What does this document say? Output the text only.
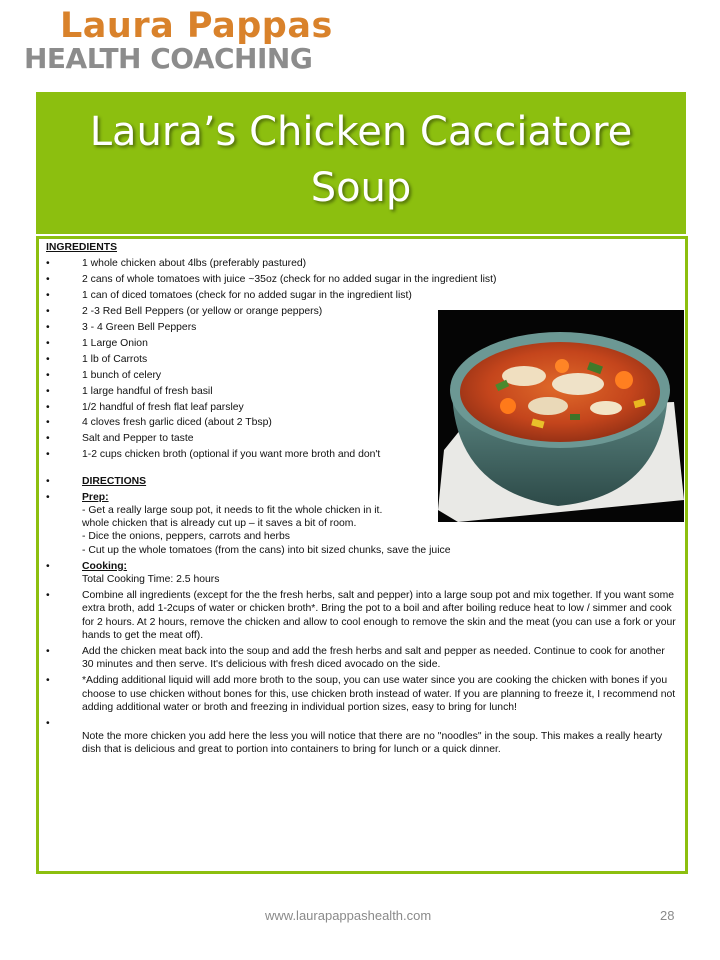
Laura Pappas
HEALTH COACHING
Laura’s Chicken Cacciatore
Soup
INGREDIENTS
• 1 whole chicken about 4lbs (preferably pastured)
• 2 cans of whole tomatoes with juice ~35oz (check for no added sugar in the ingredient list)
• 1 can of diced tomatoes (check for no added sugar in the ingredient list)
• 2 -3 Red Bell Peppers (or yellow or orange peppers)
• 3 - 4 Green Bell Peppers
• 1 Large Onion
• 1 lb of Carrots
• 1 bunch of celery
• 1 large handful of fresh basil
• 1/2 handful of fresh flat leaf parsley
• 4 cloves fresh garlic diced (about 2 Tbsp)
• Salt and Pepper to taste
• 1-2 cups chicken broth (optional if you want more broth and don't
• DIRECTIONS
• Prep:
- Get a really large soup pot, it needs to fit the whole chicken in it.
whole chicken that is already cut up – it saves a bit of room.
- Dice the onions, peppers, carrots and herbs
- Cut up the whole tomatoes (from the cans) into bit sized chunks, save the juice
• Cooking:
Total Cooking Time: 2.5 hours
• Combine all ingredients (except for the the fresh herbs, salt and pepper) into a large soup pot and mix together. If you want some extra broth, add 1-2cups of water or chicken broth*. Bring the pot to a boil and after boiling reduce heat to low / simmer and cook for 2 hours. At 2 hours, remove the chicken and allow to cool enough to remove the skin and the meat (you can use a fork or your hands to get the meat off).
• Add the chicken meat back into the soup and add the fresh herbs and salt and pepper as needed. Continue to cook for another 30 minutes and then serve. It's delicious with fresh diced avocado on the side.
• *Adding additional liquid will add more broth to the soup, you can use water since you are cooking the chicken with bones if you choose to use chicken without bones for this, use chicken broth instead of water. If you are planning to freeze it, I recommend not adding additional water or broth and freezing in individual portion sizes, easy to bring for lunch!

• Note the more chicken you add here the less you will notice that there are no "noodles" in the soup. This makes a really hearty dish that is delicious and great to portion into containers to bring for lunch or a quick dinner.
www.laurapappashealth.com	28
